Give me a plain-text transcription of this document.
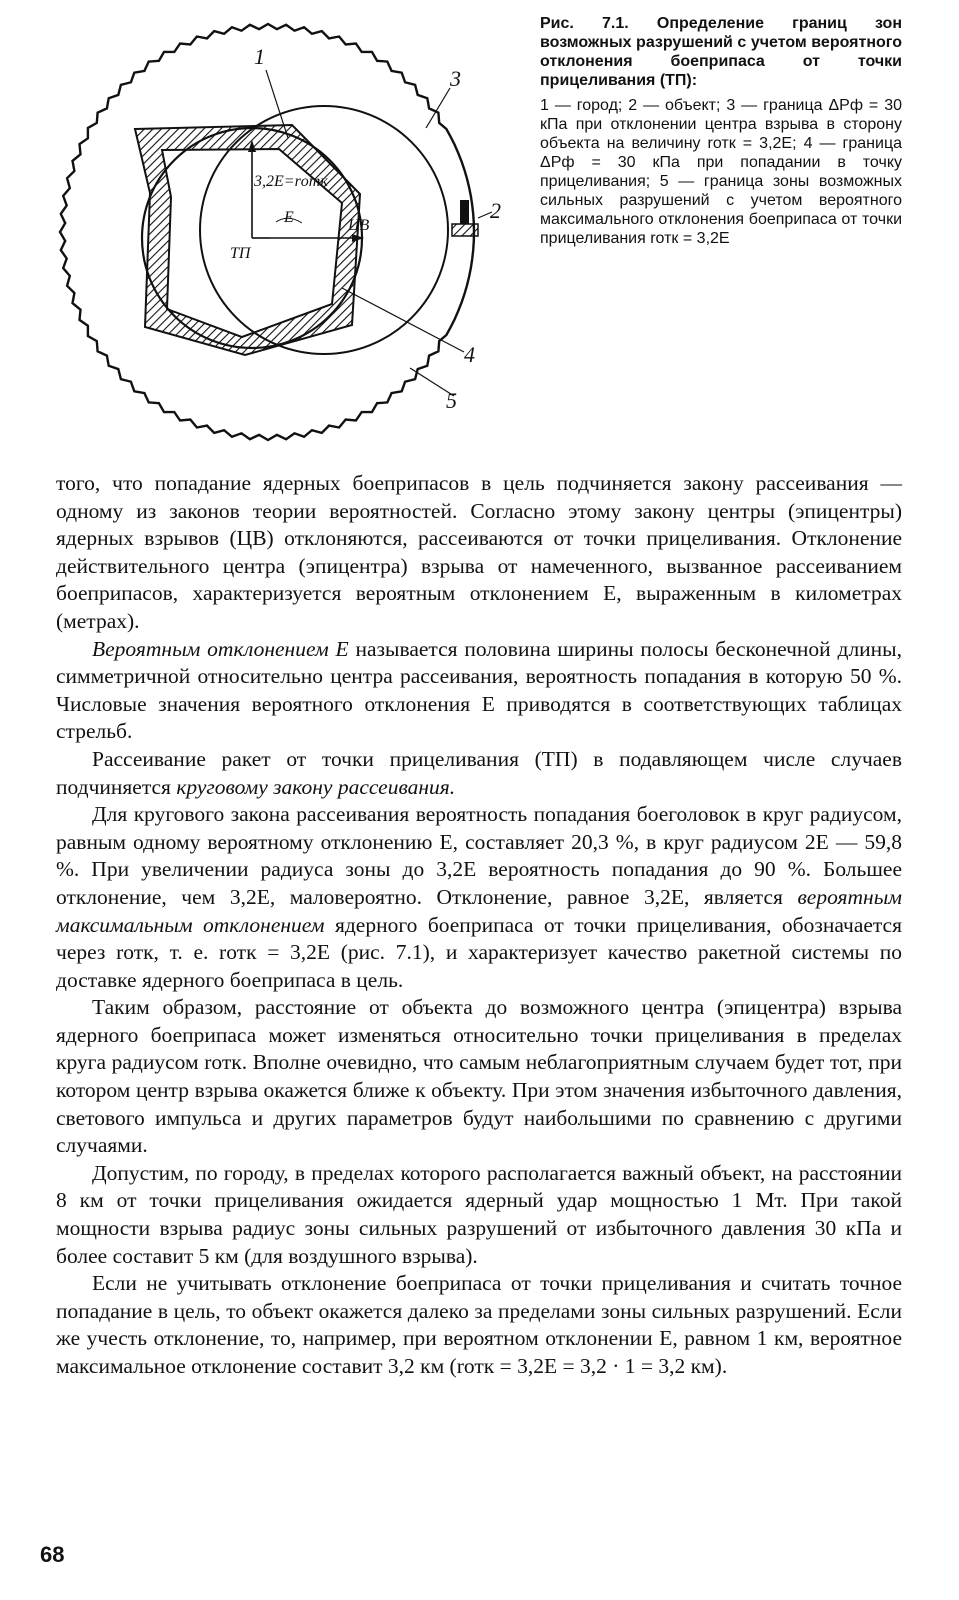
1
3
2
4
5
3,2E=rотк
E
ТП
ЦВ
Рис. 7.1. Определение границ зон возможных разрушений с учетом вероятного отклонения боеприпаса от точки прицеливания (ТП):
1 — город; 2 — объект; 3 — граница ΔPф = 30 кПа при отклонении центра взрыва в сторону объекта на величину rотк = 3,2E; 4 — граница ΔPф = 30 кПа при попадании в точку прицеливания; 5 — граница зоны возможных сильных разрушений с учетом вероятного максимального отклонения боеприпаса от точки прицеливания rотк = 3,2E

того, что попадание ядерных боеприпасов в цель подчиняется закону рассеивания — одному из законов теории вероятностей. Согласно этому закону центры (эпицентры) ядерных взрывов (ЦВ) отклоняются, рассеиваются от точки прицеливания. Отклонение действительного центра (эпицентра) взрыва от намеченного, вызванное рассеиванием боеприпасов, характеризуется вероятным отклонением E, выраженным в километрах (метрах).

Вероятным отклонением E называется половина ширины полосы бесконечной длины, симметричной относительно центра рассеивания, вероятность попадания в которую 50 %. Числовые значения вероятного отклонения E приводятся в соответствующих таблицах стрельб.

Рассеивание ракет от точки прицеливания (ТП) в подавляющем числе случаев подчиняется круговому закону рассеивания.

Для кругового закона рассеивания вероятность попадания боеголовок в круг радиусом, равным одному вероятному отклонению E, составляет 20,3 %, в круг радиусом 2E — 59,8 %. При увеличении радиуса зоны до 3,2E вероятность попадания до 90 %. Большее отклонение, чем 3,2E, маловероятно. Отклонение, равное 3,2E, является вероятным максимальным отклонением ядерного боеприпаса от точки прицеливания, обозначается через rотк, т. е. rотк = 3,2E (рис. 7.1), и характеризует качество ракетной системы по доставке ядерного боеприпаса в цель.

Таким образом, расстояние от объекта до возможного центра (эпицентра) взрыва ядерного боеприпаса может изменяться относительно точки прицеливания в пределах круга радиусом rотк. Вполне очевидно, что самым неблагоприятным случаем будет тот, при котором центр взрыва окажется ближе к объекту. При этом значения избыточного давления, светового импульса и других параметров будут наибольшими по сравнению с другими случаями.

Допустим, по городу, в пределах которого располагается важный объект, на расстоянии 8 км от точки прицеливания ожидается ядерный удар мощностью 1 Мт. При такой мощности взрыва радиус зоны сильных разрушений от избыточного давления 30 кПа и более составит 5 км (для воздушного взрыва).

Если не учитывать отклонение боеприпаса от точки прицеливания и считать точное попадание в цель, то объект окажется далеко за пределами зоны сильных разрушений. Если же учесть отклонение, то, например, при вероятном отклонении E, равном 1 км, вероятное максимальное отклонение составит 3,2 км (rотк = 3,2E = 3,2 · 1 = 3,2 км).

68
